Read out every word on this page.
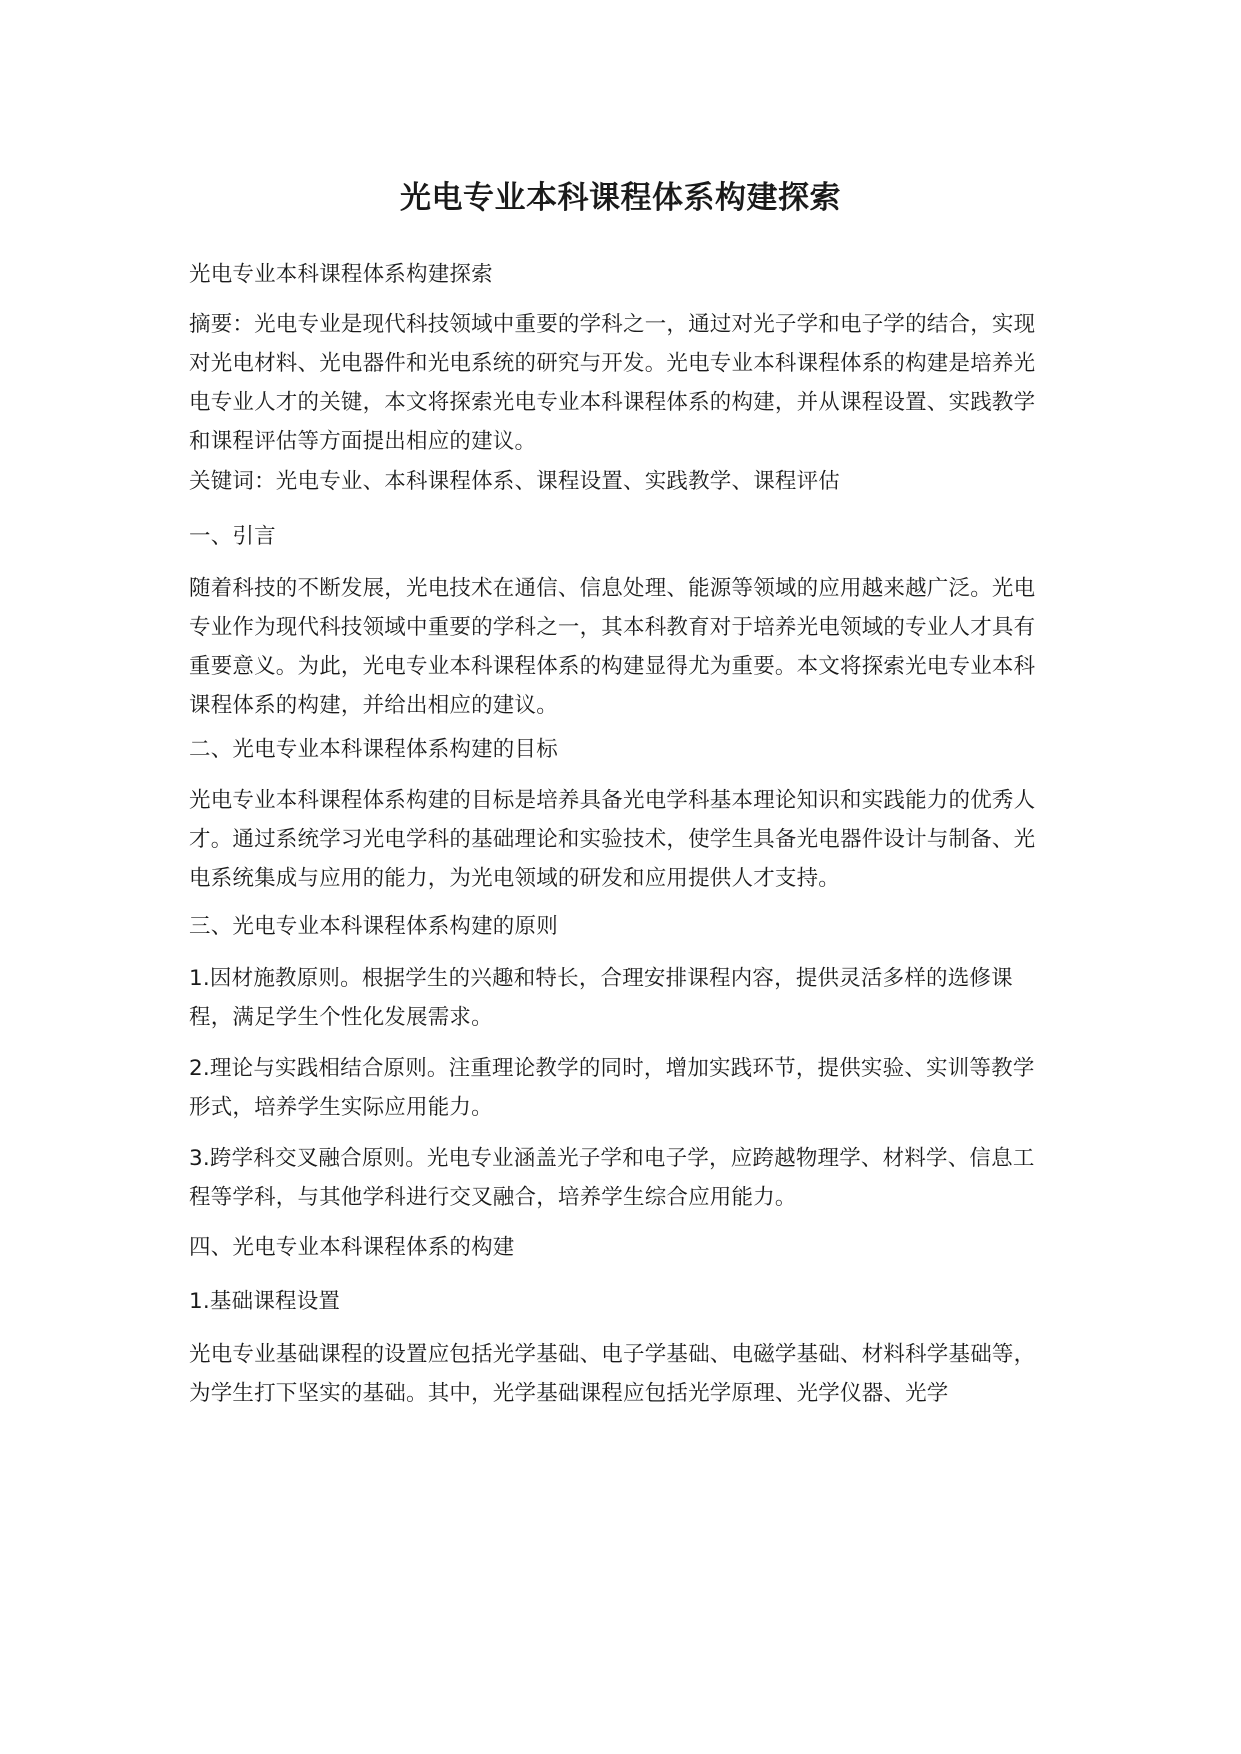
光电专业本科课程体系构建探索
光电专业本科课程体系构建探索
摘要：光电专业是现代科技领域中重要的学科之一，通过对光子学和电子学的结合，实现对光电材料、光电器件和光电系统的研究与开发。光电专业本科课程体系的构建是培养光电专业人才的关键，本文将探索光电专业本科课程体系的构建，并从课程设置、实践教学和课程评估等方面提出相应的建议。
关键词：光电专业、本科课程体系、课程设置、实践教学、课程评估
一、引言
随着科技的不断发展，光电技术在通信、信息处理、能源等领域的应用越来越广泛。光电专业作为现代科技领域中重要的学科之一，其本科教育对于培养光电领域的专业人才具有重要意义。为此，光电专业本科课程体系的构建显得尤为重要。本文将探索光电专业本科课程体系的构建，并给出相应的建议。
二、光电专业本科课程体系构建的目标
光电专业本科课程体系构建的目标是培养具备光电学科基本理论知识和实践能力的优秀人才。通过系统学习光电学科的基础理论和实验技术，使学生具备光电器件设计与制备、光电系统集成与应用的能力，为光电领域的研发和应用提供人才支持。
三、光电专业本科课程体系构建的原则
1.因材施教原则。根据学生的兴趣和特长，合理安排课程内容，提供灵活多样的选修课程，满足学生个性化发展需求。
2.理论与实践相结合原则。注重理论教学的同时，增加实践环节，提供实验、实训等教学形式，培养学生实际应用能力。
3.跨学科交叉融合原则。光电专业涵盖光子学和电子学，应跨越物理学、材料学、信息工程等学科，与其他学科进行交叉融合，培养学生综合应用能力。
四、光电专业本科课程体系的构建
1.基础课程设置
光电专业基础课程的设置应包括光学基础、电子学基础、电磁学基础、材料科学基础等，为学生打下坚实的基础。其中，光学基础课程应包括光学原理、光学仪器、光学
